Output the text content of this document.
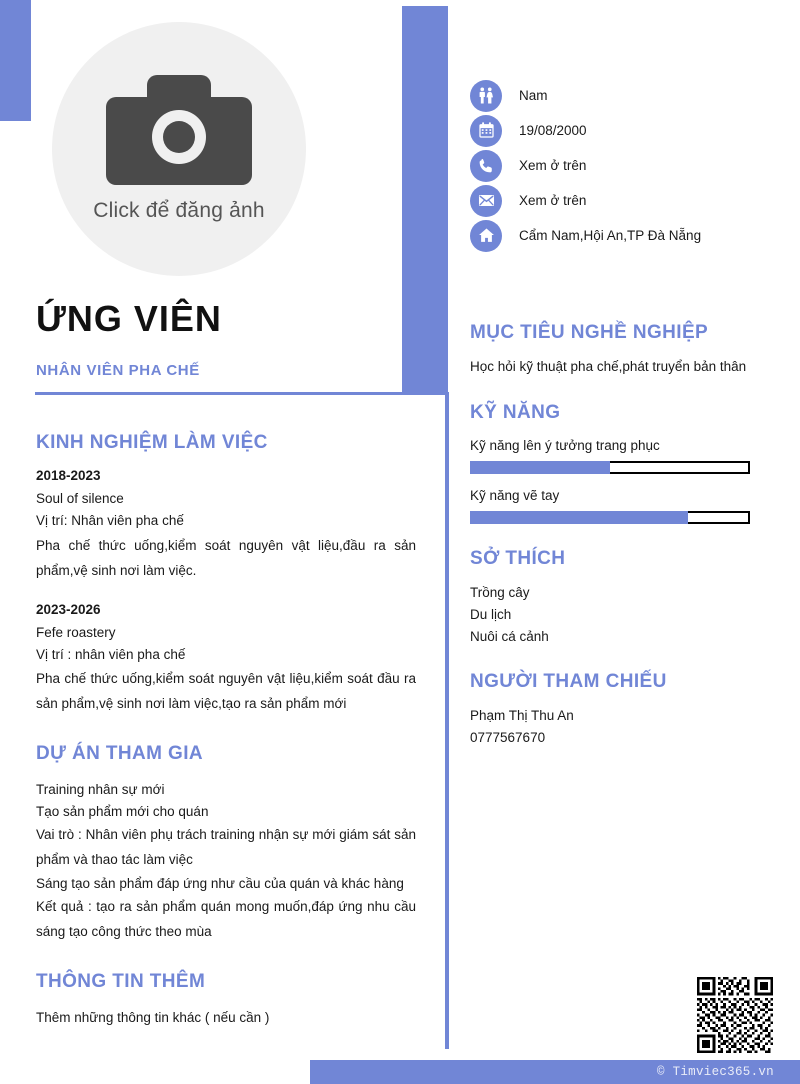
Click để đăng ảnh
ỨNG VIÊN
NHÂN VIÊN PHA CHẾ
KINH NGHIỆM LÀM VIỆC
2018-2023
Soul of silence
Vị trí: Nhân viên pha chế
Pha chế thức uống,kiểm soát nguyên vật liệu,đầu ra sản phẩm,vệ sinh nơi làm việc.
2023-2026
Fefe roastery
Vị trí : nhân viên pha chế
Pha chế thức uống,kiểm soát nguyên vật liệu,kiểm soát đầu ra sản phẩm,vệ sinh nơi làm việc,tạo ra sản phẩm mới
DỰ ÁN THAM GIA
Training nhân sự mới
Tạo sản phẩm mới cho quán
Vai trò : Nhân viên phụ trách training nhận sự mới giám sát sản phẩm và thao tác làm việc
Sáng tạo sản phẩm đáp ứng như cầu của quán và khác hàng
Kết quả : tạo ra sản phẩm quán mong muốn,đáp ứng nhu cầu sáng tạo công thức theo mùa
THÔNG TIN THÊM
Thêm những thông tin khác ( nếu cần )
Nam
19/08/2000
Xem ở trên
Xem ở trên
Cẩm Nam,Hội An,TP Đà Nẵng
MỤC TIÊU NGHỀ NGHIỆP
Học hỏi kỹ thuật pha chế,phát truyển bản thân
KỸ NĂNG
Kỹ năng lên ý tưởng trang phục
Kỹ năng vẽ tay
SỞ THÍCH
Trồng cây
Du lịch
Nuôi cá cảnh
NGƯỜI THAM CHIẾU
Phạm Thị Thu An
0777567670
© Timviec365.vn
